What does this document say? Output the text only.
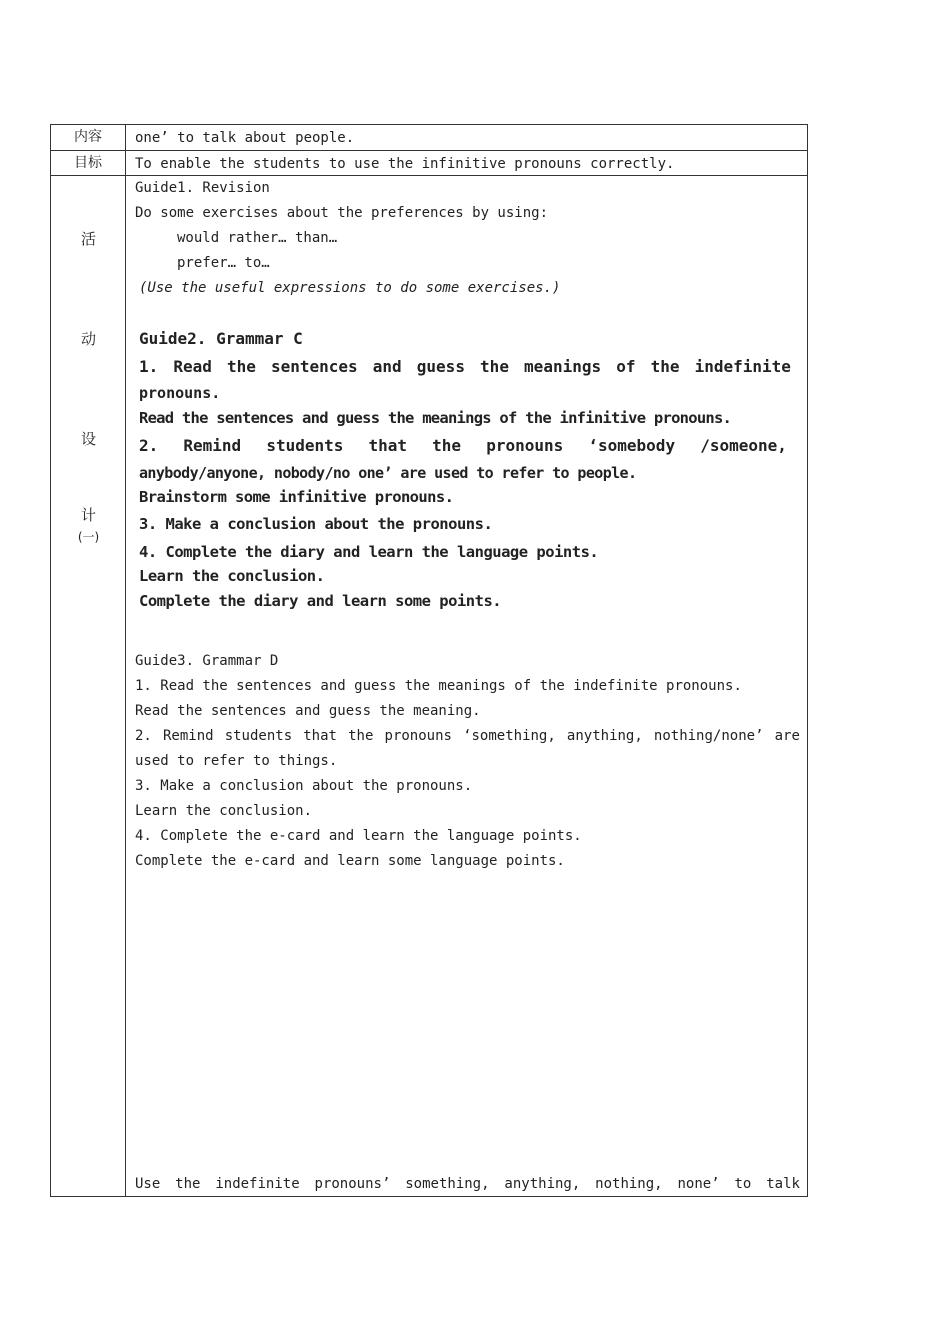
内容	one’ to talk about people.
目标	To enable the students to use the infinitive pronouns correctly.
活
动
设
计
(一)
Guide1. Revision
Do some exercises about the preferences by using:
would rather… than…
prefer… to…
(Use the useful expressions to do some exercises.)
Guide2. Grammar C
1. Read the sentences and guess the meanings of the indefinite
pronouns.
Read the sentences and guess the meanings of the infinitive pronouns.
2. Remind students that the pronouns ‘somebody /someone,
anybody/anyone, nobody/no one’ are used to refer to people.
Brainstorm some infinitive pronouns.
3. Make a conclusion about the pronouns.
4. Complete the diary and learn the language points.
Learn the conclusion.
Complete the diary and learn some points.
Guide3. Grammar D
1. Read the sentences and guess the meanings of the indefinite pronouns.
Read the sentences and guess the meaning.
2. Remind students that the pronouns ‘something, anything, nothing/none’ are
used to refer to things.
3. Make a conclusion about the pronouns.
Learn the conclusion.
4. Complete the e-card and learn the language points.
Complete the e-card and learn some language points.
Use the indefinite pronouns’ something, anything, nothing, none’ to talk
